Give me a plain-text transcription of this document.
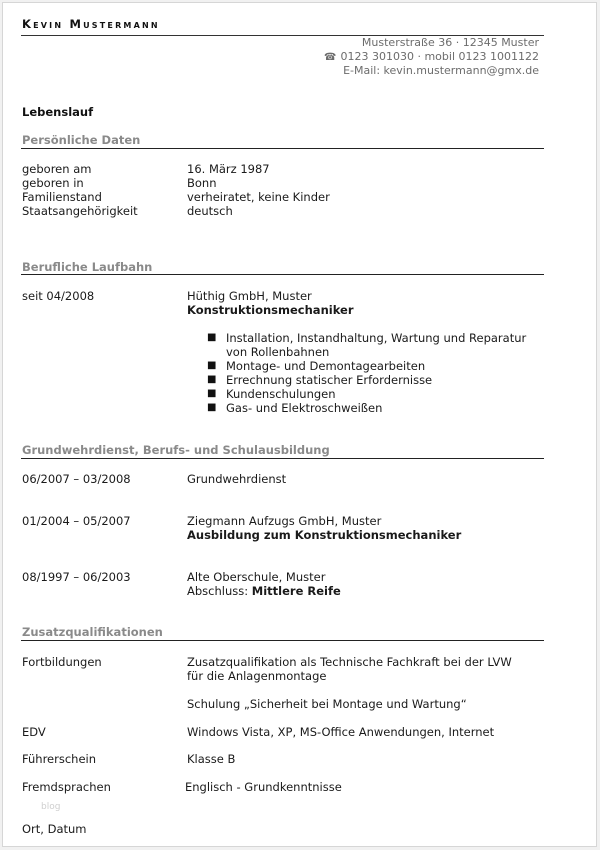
Kevin Mustermann
Musterstraße 36 · 12345 Muster
☎ 0123 301030 · mobil 0123 1001122
E-Mail: kevin.mustermann@gmx.de
Lebenslauf
Persönliche Daten
geboren am	16. März 1987
geboren in	Bonn
Familienstand	verheiratet, keine Kinder
Staatsangehörigkeit	deutsch
Berufliche Laufbahn
seit 04/2008	Hüthig GmbH, Muster
Konstruktionsmechaniker
■ Installation, Instandhaltung, Wartung und Reparatur
von Rollenbahnen
■ Montage- und Demontagearbeiten
■ Errechnung statischer Erfordernisse
■ Kundenschulungen
■ Gas- und Elektroschweißen
Grundwehrdienst, Berufs- und Schulausbildung
06/2007 – 03/2008	Grundwehrdienst
01/2004 – 05/2007	Ziegmann Aufzugs GmbH, Muster
Ausbildung zum Konstruktionsmechaniker
08/1997 – 06/2003	Alte Oberschule, Muster
Abschluss: Mittlere Reife
Zusatzqualifikationen
Fortbildungen	Zusatzqualifikation als Technische Fachkraft bei der LVW
für die Anlagenmontage
Schulung „Sicherheit bei Montage und Wartung“
EDV	Windows Vista, XP, MS-Office Anwendungen, Internet
Führerschein	Klasse B
Fremdsprachen	Englisch - Grundkenntnisse
blog
Ort, Datum
